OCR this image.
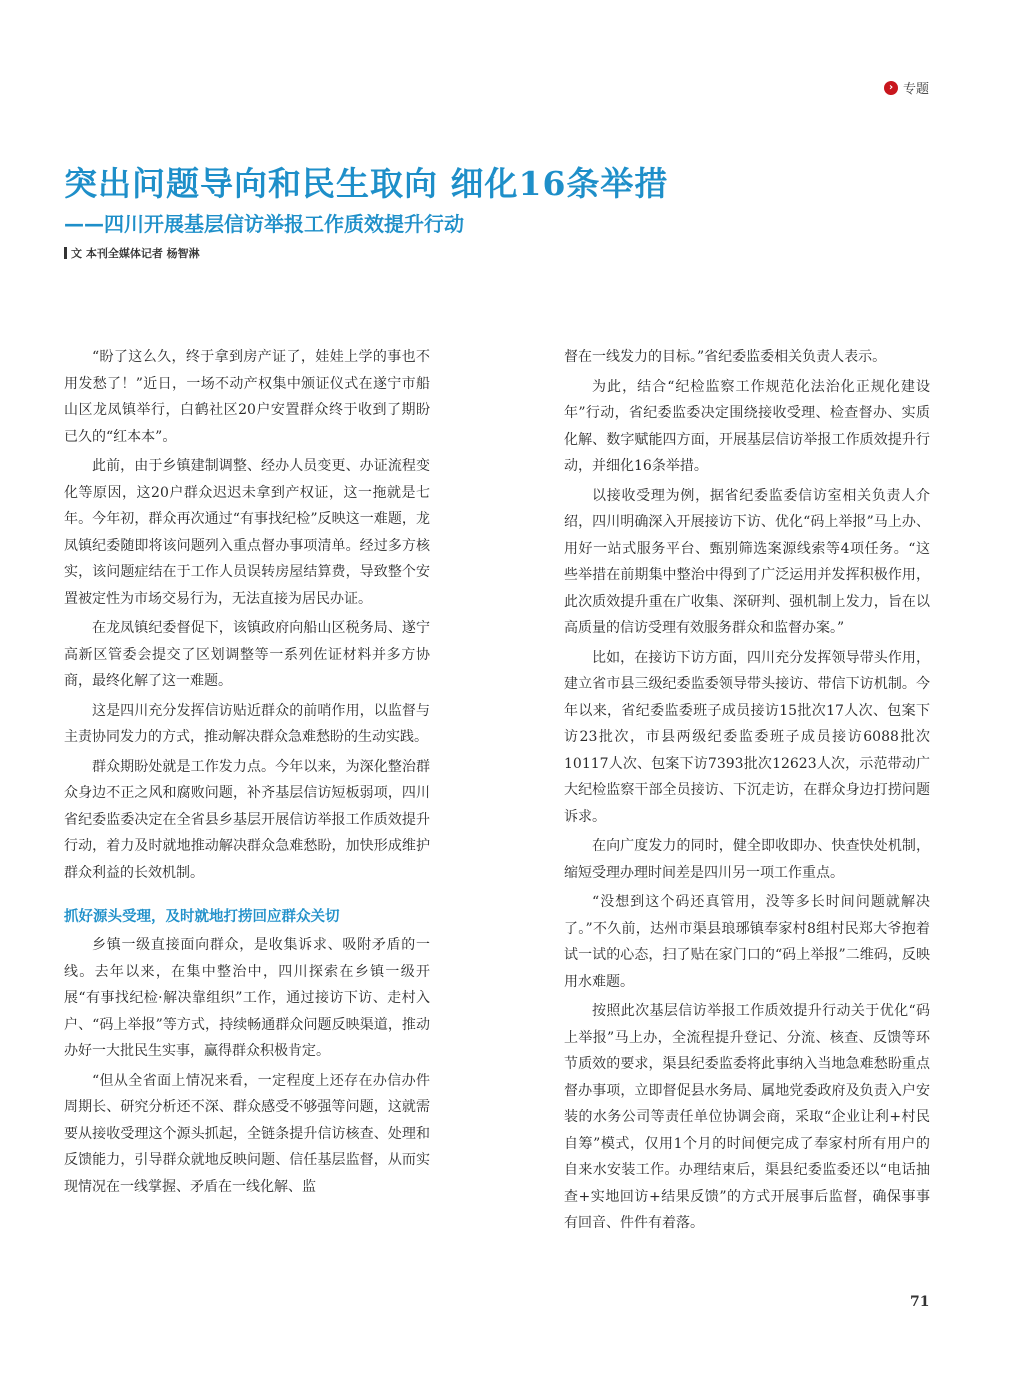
› 专题
突出问题导向和民生取向 细化16条举措
——四川开展基层信访举报工作质效提升行动
文 本刊全媒体记者 杨智淋

“盼了这么久，终于拿到房产证了，娃娃上学的事也不用发愁了！”近日，一场不动产权集中颁证仪式在遂宁市船山区龙凤镇举行，白鹤社区20户安置群众终于收到了期盼已久的“红本本”。

此前，由于乡镇建制调整、经办人员变更、办证流程变化等原因，这20户群众迟迟未拿到产权证，这一拖就是七年。今年初，群众再次通过“有事找纪检”反映这一难题，龙凤镇纪委随即将该问题列入重点督办事项清单。经过多方核实，该问题症结在于工作人员误转房屋结算费，导致整个安置被定性为市场交易行为，无法直接为居民办证。

在龙凤镇纪委督促下，该镇政府向船山区税务局、遂宁高新区管委会提交了区划调整等一系列佐证材料并多方协商，最终化解了这一难题。

这是四川充分发挥信访贴近群众的前哨作用，以监督与主责协同发力的方式，推动解决群众急难愁盼的生动实践。

群众期盼处就是工作发力点。今年以来，为深化整治群众身边不正之风和腐败问题，补齐基层信访短板弱项，四川省纪委监委决定在全省县乡基层开展信访举报工作质效提升行动，着力及时就地推动解决群众急难愁盼，加快形成维护群众利益的长效机制。

抓好源头受理，及时就地打捞回应群众关切

乡镇一级直接面向群众，是收集诉求、吸附矛盾的一线。去年以来，在集中整治中，四川探索在乡镇一级开展“有事找纪检·解决靠组织”工作，通过接访下访、走村入户、“码上举报”等方式，持续畅通群众问题反映渠道，推动办好一大批民生实事，赢得群众积极肯定。

“但从全省面上情况来看，一定程度上还存在办信办件周期长、研究分析还不深、群众感受不够强等问题，这就需要从接收受理这个源头抓起，全链条提升信访核查、处理和反馈能力，引导群众就地反映问题、信任基层监督，从而实现情况在一线掌握、矛盾在一线化解、监

督在一线发力的目标。”省纪委监委相关负责人表示。

为此，结合“纪检监察工作规范化法治化正规化建设年”行动，省纪委监委决定围绕接收受理、检查督办、实质化解、数字赋能四方面，开展基层信访举报工作质效提升行动，并细化16条举措。

以接收受理为例，据省纪委监委信访室相关负责人介绍，四川明确深入开展接访下访、优化“码上举报”马上办、用好一站式服务平台、甄别筛选案源线索等4项任务。“这些举措在前期集中整治中得到了广泛运用并发挥积极作用，此次质效提升重在广收集、深研判、强机制上发力，旨在以高质量的信访受理有效服务群众和监督办案。”

比如，在接访下访方面，四川充分发挥领导带头作用，建立省市县三级纪委监委领导带头接访、带信下访机制。今年以来，省纪委监委班子成员接访15批次17人次、包案下访23批次，市县两级纪委监委班子成员接访6088批次10117人次、包案下访7393批次12623人次，示范带动广大纪检监察干部全员接访、下沉走访，在群众身边打捞问题诉求。

在向广度发力的同时，健全即收即办、快查快处机制，缩短受理办理时间差是四川另一项工作重点。

“没想到这个码还真管用，没等多长时间问题就解决了。”不久前，达州市渠县琅琊镇奉家村8组村民郑大爷抱着试一试的心态，扫了贴在家门口的“码上举报”二维码，反映用水难题。

按照此次基层信访举报工作质效提升行动关于优化“码上举报”马上办，全流程提升登记、分流、核查、反馈等环节质效的要求，渠县纪委监委将此事纳入当地急难愁盼重点督办事项，立即督促县水务局、属地党委政府及负责入户安装的水务公司等责任单位协调会商，采取“企业让利+村民自筹”模式，仅用1个月的时间便完成了奉家村所有用户的自来水安装工作。办理结束后，渠县纪委监委还以“电话抽查+实地回访+结果反馈”的方式开展事后监督，确保事事有回音、件件有着落。

71
